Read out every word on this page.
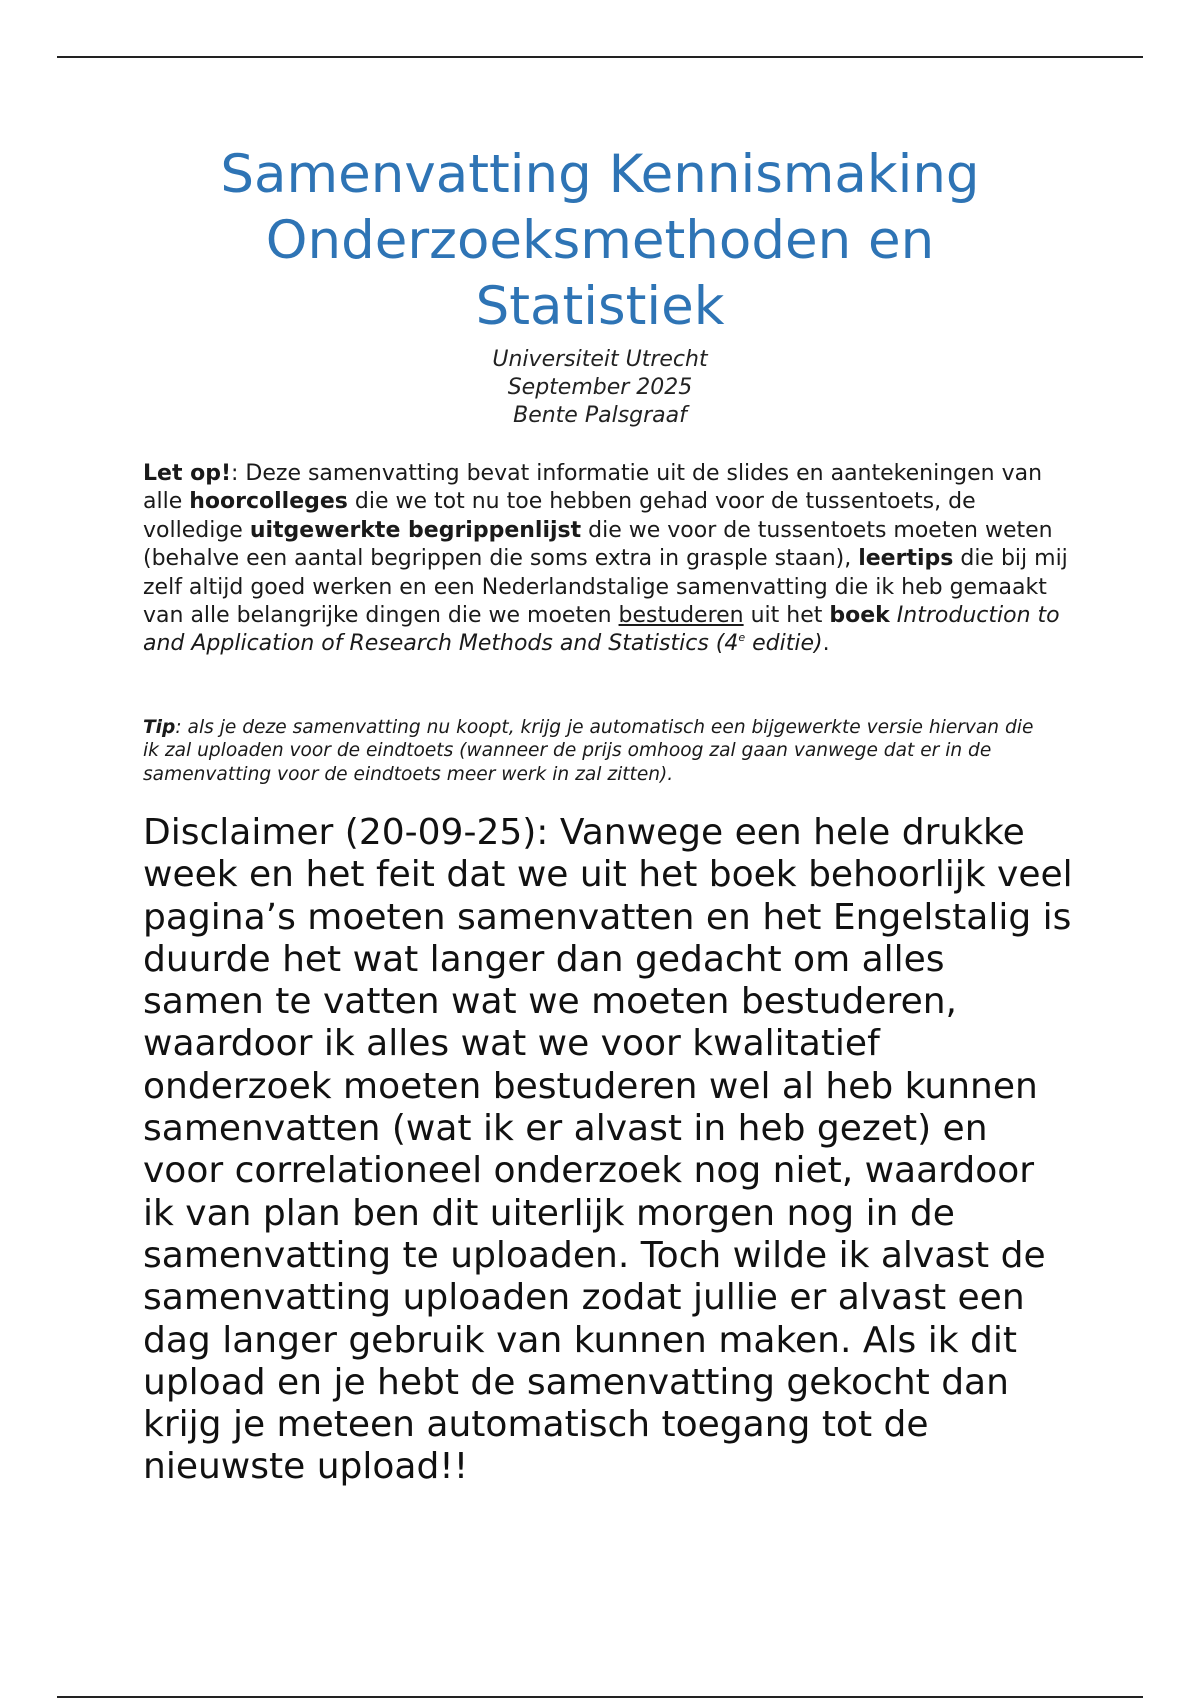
Samenvatting Kennismaking
Onderzoeksmethoden en
Statistiek
Universiteit Utrecht
September 2025
Bente Palsgraaf

Let op!: Deze samenvatting bevat informatie uit de slides en aantekeningen van alle hoorcolleges die we tot nu toe hebben gehad voor de tussentoets, de volledige uitgewerkte begrippenlijst die we voor de tussentoets moeten weten (behalve een aantal begrippen die soms extra in grasple staan), leertips die bij mij zelf altijd goed werken en een Nederlandstalige samenvatting die ik heb gemaakt van alle belangrijke dingen die we moeten bestuderen uit het boek Introduction to and Application of Research Methods and Statistics (4e editie).

Tip: als je deze samenvatting nu koopt, krijg je automatisch een bijgewerkte versie hiervan die ik zal uploaden voor de eindtoets (wanneer de prijs omhoog zal gaan vanwege dat er in de samenvatting voor de eindtoets meer werk in zal zitten).

Disclaimer (20-09-25): Vanwege een hele drukke week en het feit dat we uit het boek behoorlijk veel pagina’s moeten samenvatten en het Engelstalig is duurde het wat langer dan gedacht om alles samen te vatten wat we moeten bestuderen, waardoor ik alles wat we voor kwalitatief onderzoek moeten bestuderen wel al heb kunnen samenvatten (wat ik er alvast in heb gezet) en voor correlationeel onderzoek nog niet, waardoor ik van plan ben dit uiterlijk morgen nog in de samenvatting te uploaden. Toch wilde ik alvast de samenvatting uploaden zodat jullie er alvast een dag langer gebruik van kunnen maken. Als ik dit upload en je hebt de samenvatting gekocht dan krijg je meteen automatisch toegang tot de nieuwste upload!!
